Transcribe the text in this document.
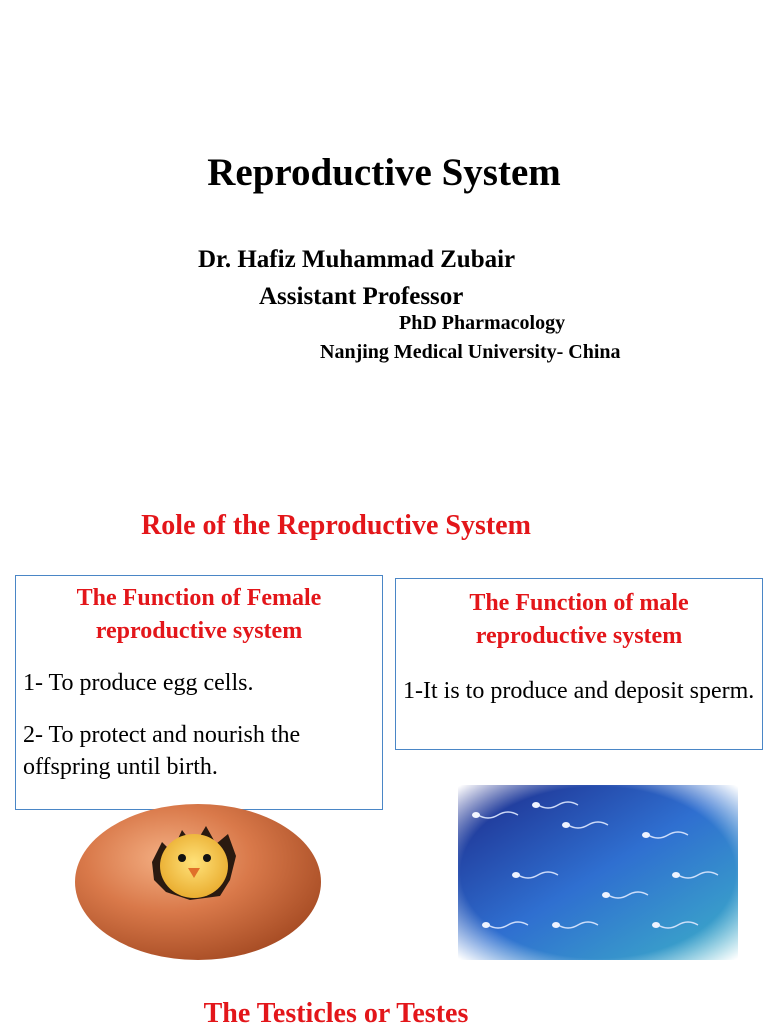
Reproductive System
Dr. Hafiz Muhammad Zubair
Assistant Professor
PhD Pharmacology
Nanjing Medical University- China
Role of the Reproductive System
The Function of Female reproductive system
1- To produce egg cells.
2- To protect and nourish the offspring until birth.
The Function of male reproductive system
1-It is to produce and deposit sperm.
The Testicles or Testes
